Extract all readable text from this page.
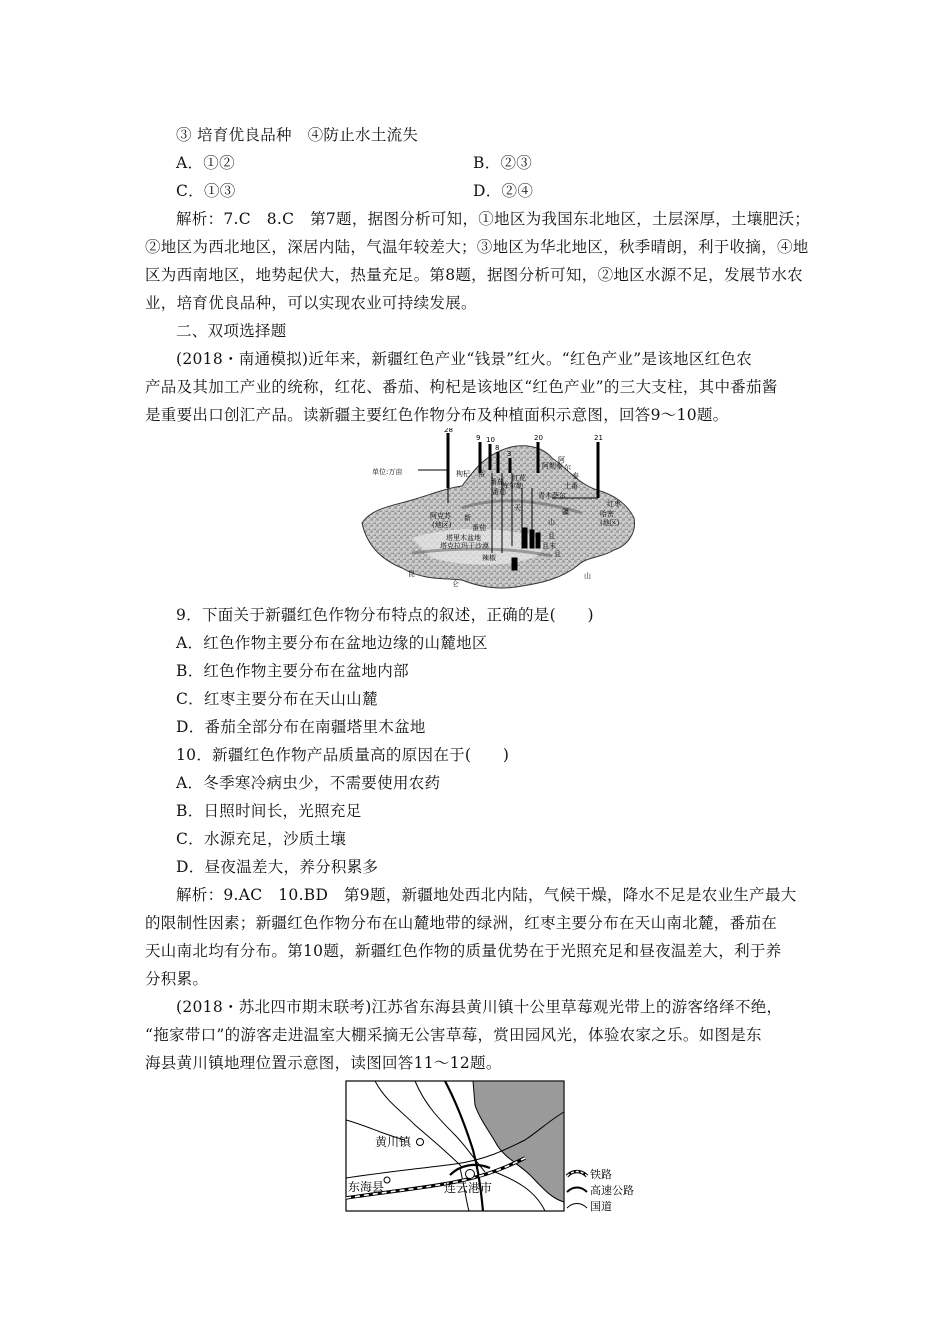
③ 培育优良品种　④防止水土流失
A．①②	B．②③
C．①③	D．②④
解析：7.C　8.C　第7题，据图分析可知，①地区为我国东北地区，土层深厚，土壤肥沃；
②地区为西北地区，深居内陆，气温年较差大；③地区为华北地区，秋季晴朗，利于收摘，④地
区为西南地区，地势起伏大，热量充足。第8题，据图分析可知，②地区水源不足，发展节水农
业，培育优良品种，可以实现农业可持续发展。
二、双项选择题
(2018・南通模拟)近年来，新疆红色产业“钱景”红火。“红色产业”是该地区红色农
产品及其加工产业的统称，红花、番茄、枸杞是该地区“红色产业”的三大支柱，其中番茄酱
是重要出口创汇产品。读新疆主要红色作物分布及种植面积示意图，回答9～10题。
28
9 10
8
3
20	21
单位:万亩	枸杞	红花
番茄
红枣
阿克苏
(地区)
新
番茄
塔里木盆地
塔克拉玛干沙漠
青木萨尔
疆	哈密
(地区)
阿勒泰
裕
且末
番茄
阿
尔
泰
且
且
天
山
昆
仑
山
库尔勒
辣椒
土番
9．下面关于新疆红色作物分布特点的叙述，正确的是(　　)
A．红色作物主要分布在盆地边缘的山麓地区
B．红色作物主要分布在盆地内部
C．红枣主要分布在天山山麓
D．番茄全部分布在南疆塔里木盆地
10．新疆红色作物产品质量高的原因在于(　　)
A．冬季寒冷病虫少，不需要使用农药
B．日照时间长，光照充足
C．水源充足，沙质土壤
D．昼夜温差大，养分积累多
解析：9.AC　10.BD　第9题，新疆地处西北内陆，气候干燥，降水不足是农业生产最大
的限制性因素；新疆红色作物分布在山麓地带的绿洲，红枣主要分布在天山南北麓，番茄在
天山南北均有分布。第10题，新疆红色作物的质量优势在于光照充足和昼夜温差大，利于养
分积累。
(2018・苏北四市期末联考)江苏省东海县黄川镇十公里草莓观光带上的游客络绎不绝，
“拖家带口”的游客走进温室大棚采摘无公害草莓，赏田园风光，体验农家之乐。如图是东
海县黄川镇地理位置示意图，读图回答11～12题。
黄川镇
东海县	连云港市
铁路
高速公路
国道
